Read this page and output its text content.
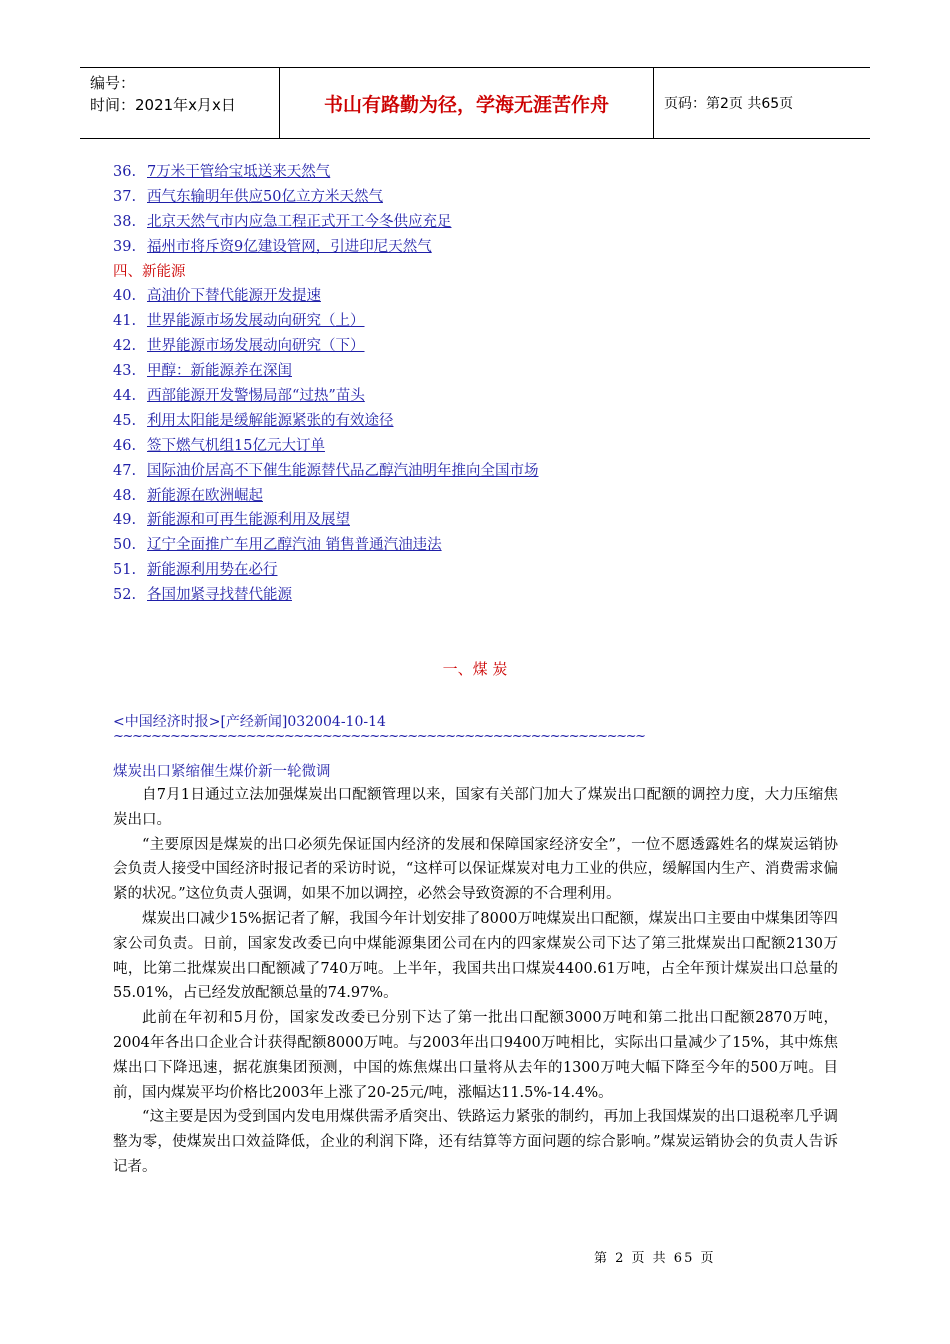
编号：
时间：2021年x月x日	书山有路勤为径，学海无涯苦作舟	页码：第2页 共65页
36. 7万米干管给宝坻送来天然气
37. 西气东输明年供应50亿立方米天然气
38. 北京天然气市内应急工程正式开工今冬供应充足
39. 福州市将斥资9亿建设管网，引进印尼天然气
四、新能源
40. 高油价下替代能源开发提速
41. 世界能源市场发展动向研究（上）
42. 世界能源市场发展动向研究（下）
43. 甲醇：新能源养在深闺
44. 西部能源开发警惕局部“过热”苗头
45. 利用太阳能是缓解能源紧张的有效途径
46. 签下燃气机组15亿元大订单
47. 国际油价居高不下催生能源替代品乙醇汽油明年推向全国市场
48. 新能源在欧洲崛起
49. 新能源和可再生能源利用及展望
50. 辽宁全面推广车用乙醇汽油 销售普通汽油违法
51. 新能源利用势在必行
52. 各国加紧寻找替代能源
一、煤 炭
<中国经济时报>[产经新闻]032004-10-14
~~~~~~~~~~~~~~~~~~~~~~~~~~~~~~~~~~~~~~~~~~~~~~~~~~~~~~~~
煤炭出口紧缩催生煤价新一轮微调

自7月1日通过立法加强煤炭出口配额管理以来，国家有关部门加大了煤炭出口配额的调控力度，大力压缩焦炭出口。

“主要原因是煤炭的出口必须先保证国内经济的发展和保障国家经济安全”，一位不愿透露姓名的煤炭运销协会负责人接受中国经济时报记者的采访时说，“这样可以保证煤炭对电力工业的供应，缓解国内生产、消费需求偏紧的状况。”这位负责人强调，如果不加以调控，必然会导致资源的不合理利用。

煤炭出口减少15%据记者了解，我国今年计划安排了8000万吨煤炭出口配额，煤炭出口主要由中煤集团等四家公司负责。日前，国家发改委已向中煤能源集团公司在内的四家煤炭公司下达了第三批煤炭出口配额2130万吨，比第二批煤炭出口配额减了740万吨。上半年，我国共出口煤炭4400.61万吨，占全年预计煤炭出口总量的55.01%，占已经发放配额总量的74.97%。

此前在年初和5月份，国家发改委已分别下达了第一批出口配额3000万吨和第二批出口配额2870万吨，2004年各出口企业合计获得配额8000万吨。与2003年出口9400万吨相比，实际出口量减少了15%，其中炼焦煤出口下降迅速，据花旗集团预测，中国的炼焦煤出口量将从去年的1300万吨大幅下降至今年的500万吨。目前，国内煤炭平均价格比2003年上涨了20-25元/吨，涨幅达11.5%-14.4%。

“这主要是因为受到国内发电用煤供需矛盾突出、铁路运力紧张的制约，再加上我国煤炭的出口退税率几乎调整为零，使煤炭出口效益降低，企业的利润下降，还有结算等方面问题的综合影响。”煤炭运销协会的负责人告诉记者。

第 2 页 共 65 页
